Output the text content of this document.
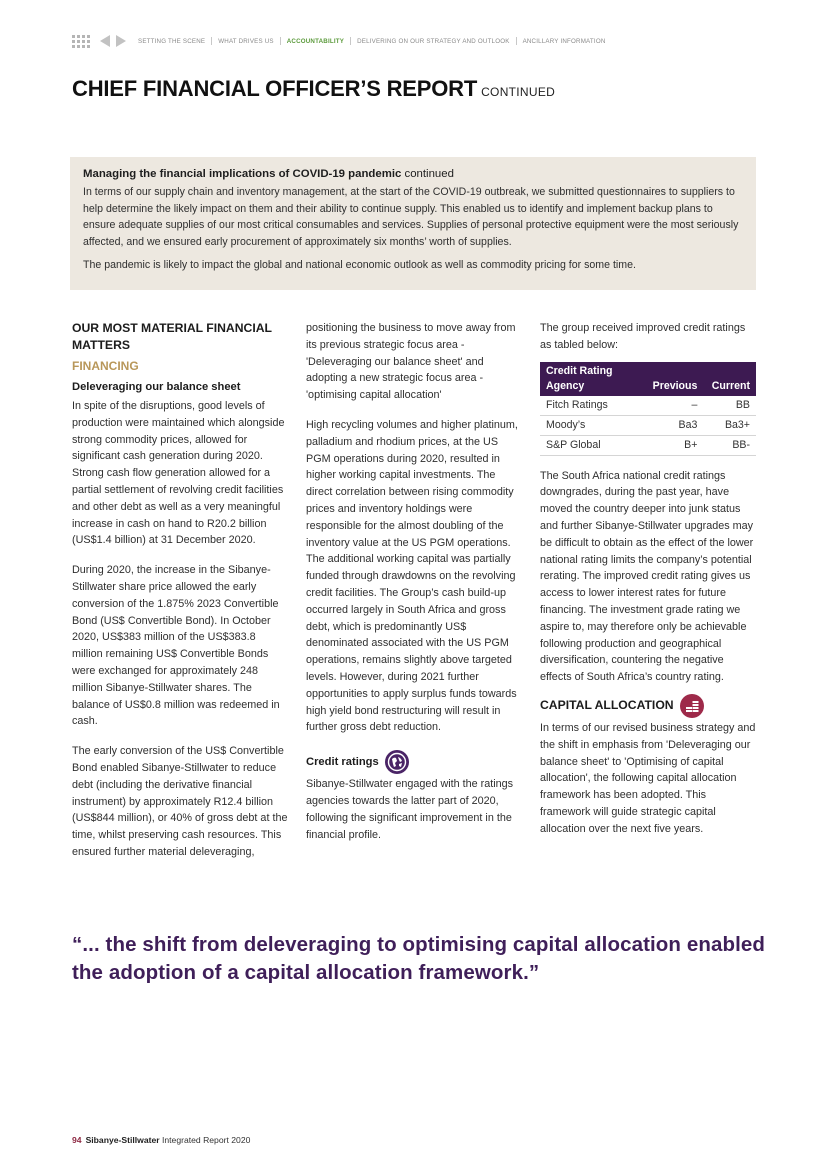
SETTING THE SCENE WHAT DRIVES US ACCOUNTABILITY DELIVERING ON OUR STRATEGY AND OUTLOOK ANCILLARY INFORMATION
CHIEF FINANCIAL OFFICER’S REPORT CONTINUED
Managing the financial implications of COVID-19 pandemic continued

In terms of our supply chain and inventory management, at the start of the COVID-19 outbreak, we submitted questionnaires to suppliers to help determine the likely impact on them and their ability to continue supply. This enabled us to identify and implement backup plans to ensure adequate supplies of our most critical consumables and services. Supplies of personal protective equipment were the most seriously affected, and we ensured early procurement of approximately six months’ worth of supplies.

The pandemic is likely to impact the global and national economic outlook as well as commodity pricing for some time.

OUR MOST MATERIAL FINANCIAL MATTERS
FINANCING
Deleveraging our balance sheet

In spite of the disruptions, good levels of production were maintained which alongside strong commodity prices, allowed for significant cash generation during 2020. Strong cash flow generation allowed for a partial settlement of revolving credit facilities and other debt as well as a very meaningful increase in cash on hand to R20.2 billion (US$1.4 billion) at 31 December 2020.

During 2020, the increase in the Sibanye-Stillwater share price allowed the early conversion of the 1.875% 2023 Convertible Bond (US$ Convertible Bond). In October 2020, US$383 million of the US$383.8 million remaining US$ Convertible Bonds were exchanged for approximately 248 million Sibanye-Stillwater shares. The balance of US$0.8 million was redeemed in cash.

The early conversion of the US$ Convertible Bond enabled Sibanye-Stillwater to reduce debt (including the derivative financial instrument) by approximately R12.4 billion (US$844 million), or 40% of gross debt at the time, whilst preserving cash resources. This ensured further material deleveraging,

positioning the business to move away from its previous strategic focus area - 'Deleveraging our balance sheet' and adopting a new strategic focus area - 'optimising capital allocation'

High recycling volumes and higher platinum, palladium and rhodium prices, at the US PGM operations during 2020, resulted in higher working capital investments. The direct correlation between rising commodity prices and inventory holdings were responsible for the almost doubling of the inventory value at the US PGM operations. The additional working capital was partially funded through drawdowns on the revolving credit facilities. The Group’s cash build-up occurred largely in South Africa and gross debt, which is predominantly US$ denominated associated with the US PGM operations, remains slightly above targeted levels. However, during 2021 further opportunities to apply surplus funds towards high yield bond restructuring will result in further gross debt reduction.

Credit ratings

Sibanye-Stillwater engaged with the ratings agencies towards the latter part of 2020, following the significant improvement in the financial profile.

The group received improved credit ratings as tabled below:

Credit Rating Agency	Previous	Current
Fitch Ratings	–	BB
Moody’s	Ba3	Ba3+
S&P Global	B+	BB-

The South Africa national credit ratings downgrades, during the past year, have moved the country deeper into junk status and further Sibanye-Stillwater upgrades may be difficult to obtain as the effect of the lower national rating limits the company’s potential rerating. The improved credit rating gives us access to lower interest rates for future financing. The investment grade rating we aspire to, may therefore only be achievable following production and geographical diversification, countering the negative effects of South Africa’s country rating.

CAPITAL ALLOCATION

In terms of our revised business strategy and the shift in emphasis from 'Deleveraging our balance sheet' to 'Optimising of capital allocation', the following capital allocation framework has been adopted. This framework will guide strategic capital allocation over the next five years.

“... the shift from deleveraging to optimising capital allocation enabled the adoption of a capital allocation framework.”
94 Sibanye-Stillwater Integrated Report 2020
